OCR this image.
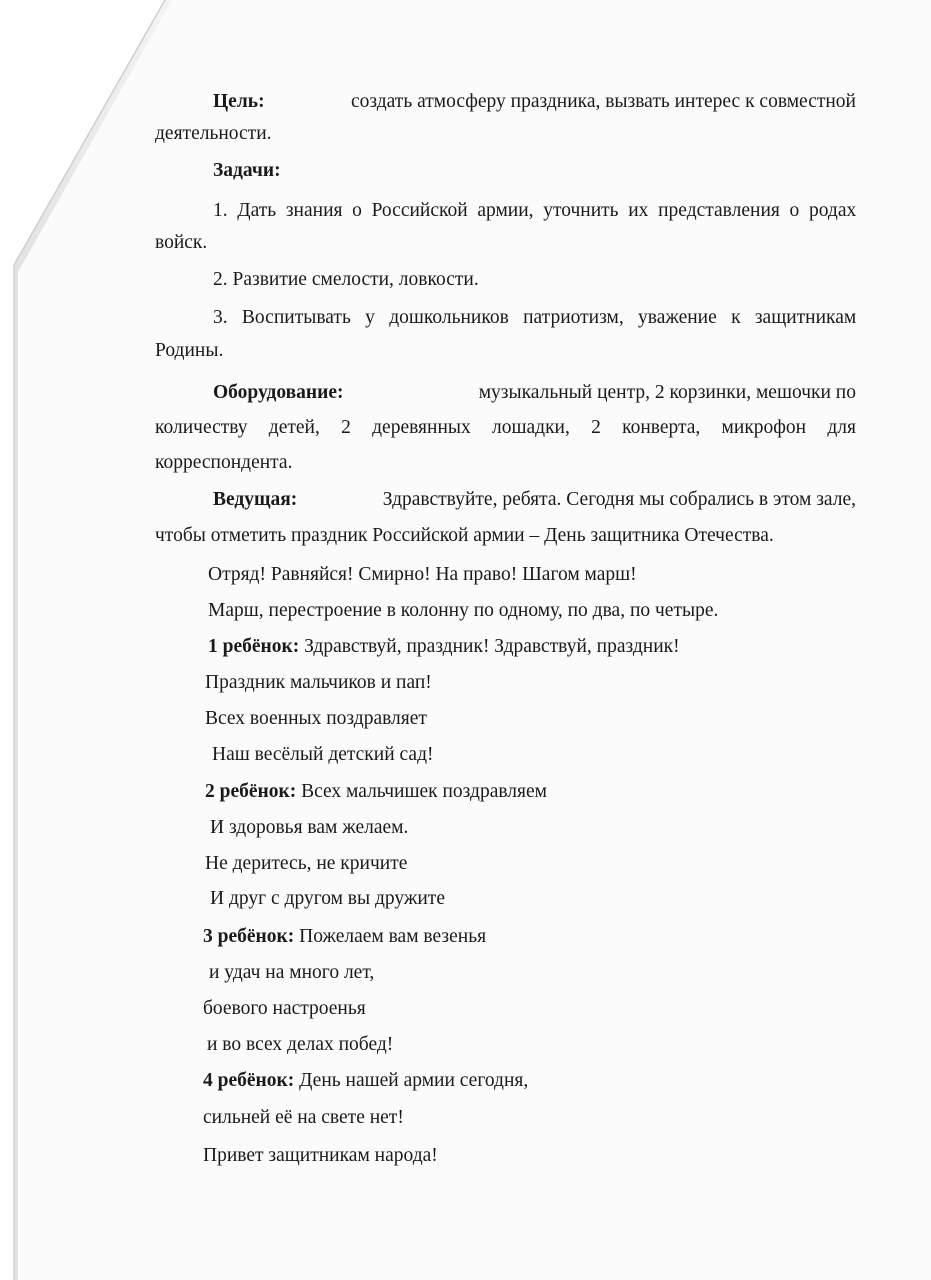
Цель:	создать атмосферу праздника, вызвать интерес к совместной
деятельности.
Задачи:
1. Дать знания о Российской армии, уточнить их представления о родах
войск.
2. Развитие смелости, ловкости.
3. Воспитывать у дошкольников патриотизм, уважение к защитникам
Родины.
Оборудование:	музыкальный центр, 2 корзинки, мешочки по
количеству детей, 2 деревянных лошадки, 2 конверта, микрофон для
корреспондента.
Ведущая:	Здравствуйте, ребята. Сегодня мы собрались в этом зале,
чтобы отметить праздник Российской армии – День защитника Отечества.
Отряд! Равняйся! Смирно! На право! Шагом марш!
Марш, перестроение в колонну по одному, по два, по четыре.
1 ребёнок: Здравствуй, праздник! Здравствуй, праздник!
Праздник мальчиков и пап!
Всех военных поздравляет
Наш весёлый детский сад!
2 ребёнок: Всех мальчишек поздравляем
И здоровья вам желаем.
Не деритесь, не кричите
И друг с другом вы дружите
3 ребёнок: Пожелаем вам везенья
и удач на много лет,
боевого настроенья
и во всех делах побед!
4 ребёнок: День нашей армии сегодня,
сильней её на свете нет!
Привет защитникам народа!
